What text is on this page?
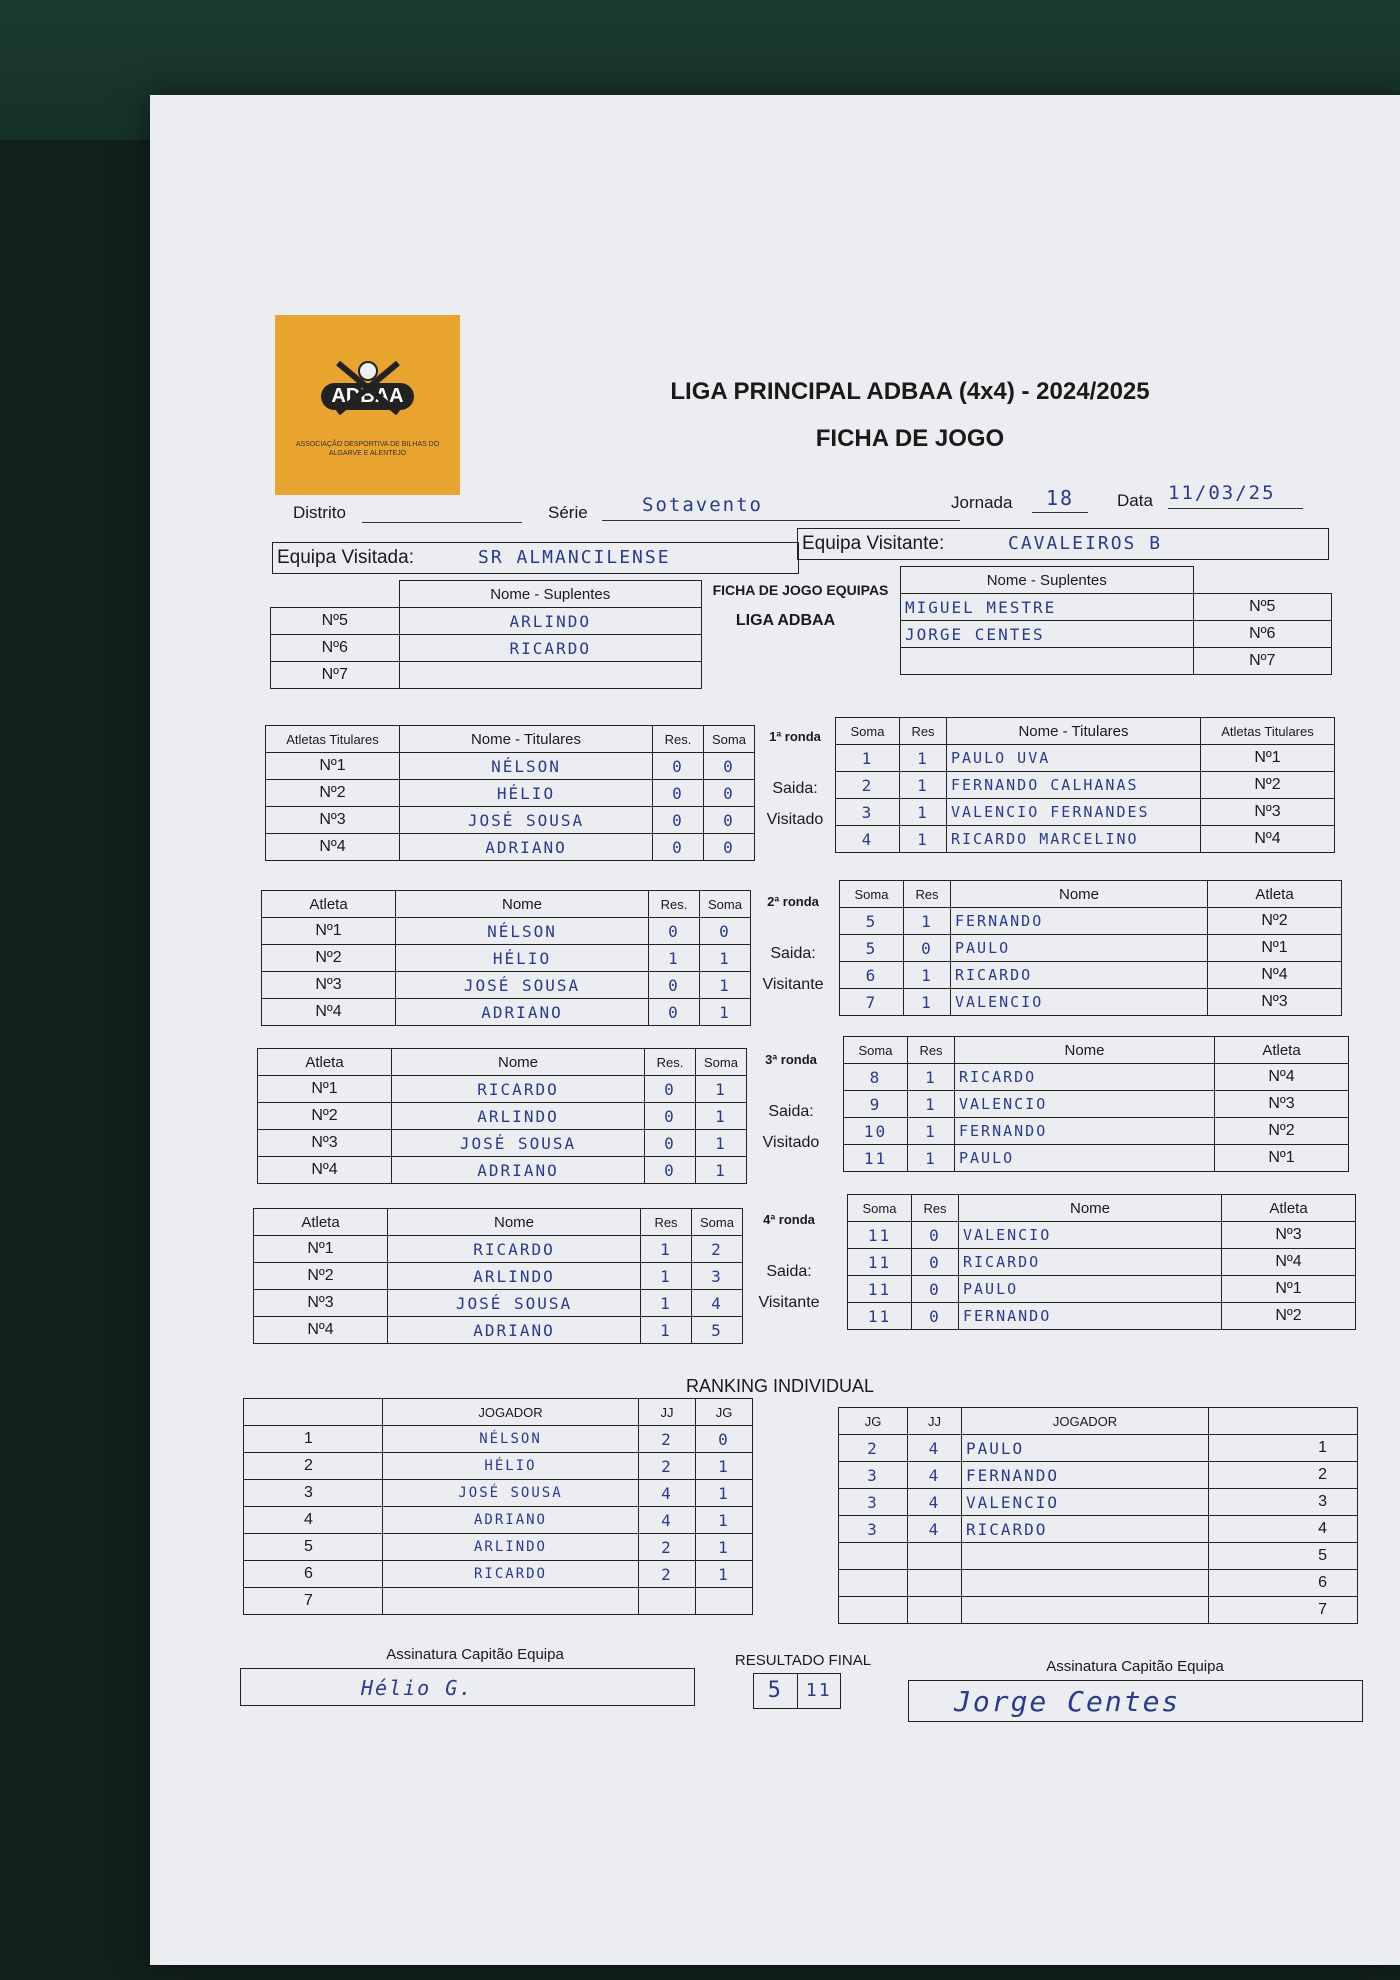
ADBAA
ASSOCIAÇÃO DESPORTIVA DE BILHAS DO ALGARVE E ALENTEJO
LIGA PRINCIPAL ADBAA (4x4) - 2024/2025
FICHA DE JOGO
Distrito	Série	Sotavento	Jornada	18	Data 11/03/25
Equipa Visitada:	SR ALMANCILENSE
Equipa Visitante:	CAVALEIROS B
	Nome - Suplentes
Nº5	ARLINDO
Nº6	RICARDO
Nº7	
FICHA DE JOGO EQUIPAS
LIGA ADBAA
Nome - Suplentes	
MIGUEL MESTRE	Nº5
JORGE CENTES	Nº6
	Nº7
Atletas Titulares	Nome - Titulares	Res.	Soma
Nº1	NÉLSON	0	0
Nº2	HÉLIO	0	0
Nº3	JOSÉ SOUSA	0	0
Nº4	ADRIANO	0	0
1ª ronda
Saida:
Visitado
Soma	Res	Nome - Titulares	Atletas Titulares
1	1	PAULO UVA	Nº1
2	1	FERNANDO CALHANAS	Nº2
3	1	VALENCIO FERNANDES	Nº3
4	1	RICARDO MARCELINO	Nº4
Atleta	Nome	Res.	Soma
Nº1	NÉLSON	0	0
Nº2	HÉLIO	1	1
Nº3	JOSÉ SOUSA	0	1
Nº4	ADRIANO	0	1
2ª ronda
Saida:
Visitante
Soma	Res	Nome	Atleta
5	1	FERNANDO	Nº2
5	0	PAULO	Nº1
6	1	RICARDO	Nº4
7	1	VALENCIO	Nº3
Atleta	Nome	Res.	Soma
Nº1	RICARDO	0	1
Nº2	ARLINDO	0	1
Nº3	JOSÉ SOUSA	0	1
Nº4	ADRIANO	0	1
3ª ronda
Saida:
Visitado
Soma	Res	Nome	Atleta
8	1	RICARDO	Nº4
9	1	VALENCIO	Nº3
10	1	FERNANDO	Nº2
11	1	PAULO	Nº1
Atleta	Nome	Res	Soma
Nº1	RICARDO	1	2
Nº2	ARLINDO	1	3
Nº3	JOSÉ SOUSA	1	4
Nº4	ADRIANO	1	5
4ª ronda
Saida:
Visitante
Soma	Res	Nome	Atleta
11	0	VALENCIO	Nº3
11	0	RICARDO	Nº4
11	0	PAULO	Nº1
11	0	FERNANDO	Nº2
RANKING INDIVIDUAL
	JOGADOR	JJ	JG
1	NÉLSON	2	0
2	HÉLIO	2	1
3	JOSÉ SOUSA	4	1
4	ADRIANO	4	1
5	ARLINDO	2	1
6	RICARDO	2	1
7			
JG	JJ	JOGADOR	
2	4	PAULO	1
3	4	FERNANDO	2
3	4	VALENCIO	3
3	4	RICARDO	4
			5
			6
			7
Assinatura Capitão Equipa
Hélio G.
RESULTADO FINAL
5	11
Assinatura Capitão Equipa
Jorge Centes
